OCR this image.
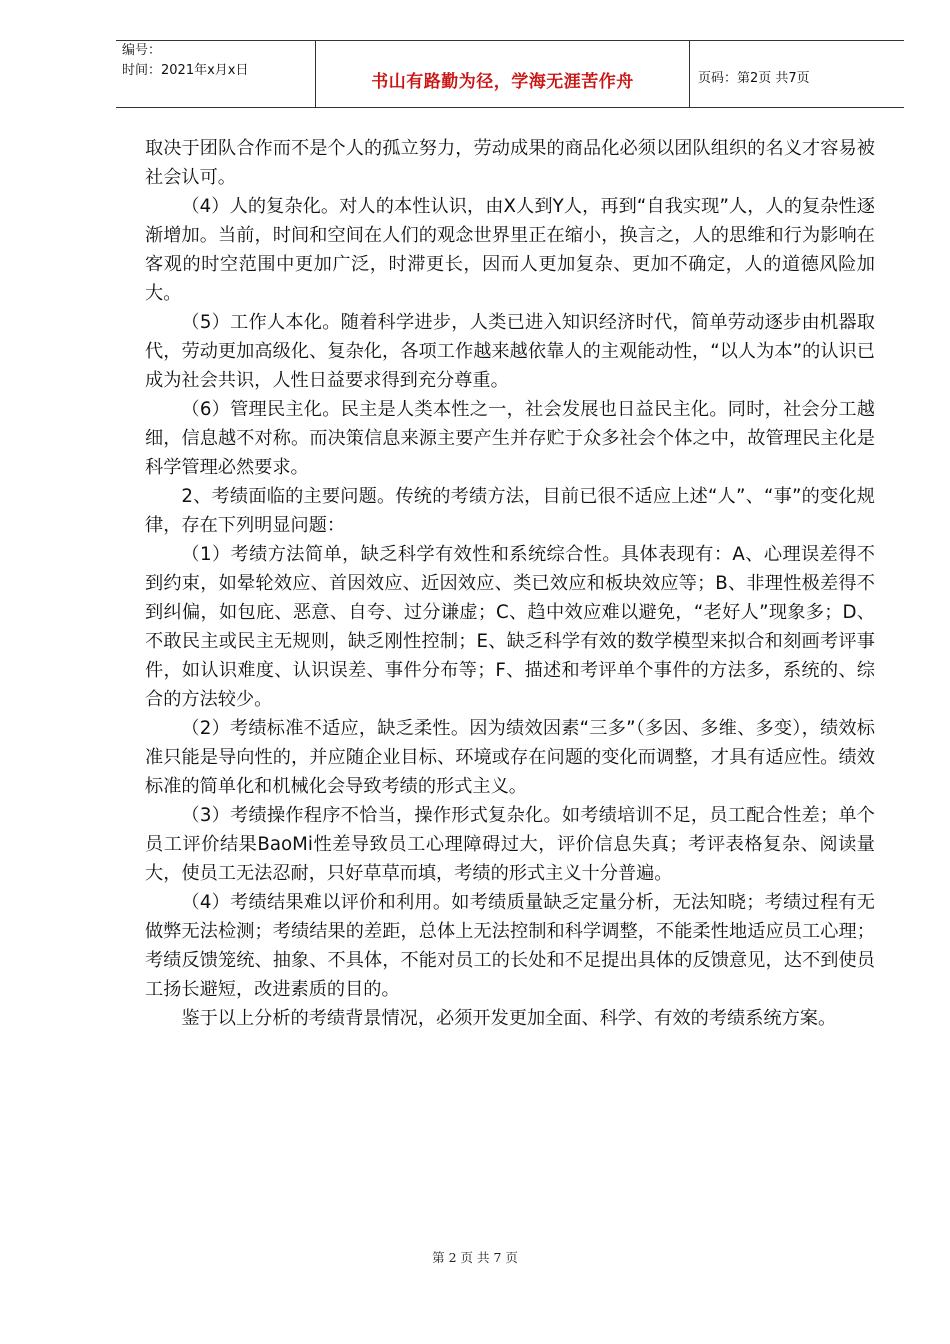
编号：
时间：2021年x月x日
书山有路勤为径，学海无涯苦作舟	页码：第2页 共7页

取决于团队合作而不是个人的孤立努力，劳动成果的商品化必须以团队组织的名义才容易被社会认可。

（4）人的复杂化。对人的本性认识，由X人到Y人，再到“自我实现”人，人的复杂性逐渐增加。当前，时间和空间在人们的观念世界里正在缩小，换言之，人的思维和行为影响在客观的时空范围中更加广泛，时滞更长，因而人更加复杂、更加不确定，人的道德风险加大。

（5）工作人本化。随着科学进步，人类已进入知识经济时代，简单劳动逐步由机器取代，劳动更加高级化、复杂化，各项工作越来越依靠人的主观能动性，“以人为本”的认识已成为社会共识，人性日益要求得到充分尊重。

（6）管理民主化。民主是人类本性之一，社会发展也日益民主化。同时，社会分工越细，信息越不对称。而决策信息来源主要产生并存贮于众多社会个体之中，故管理民主化是科学管理必然要求。

2、考绩面临的主要问题。传统的考绩方法，目前已很不适应上述“人”、“事”的变化规律，存在下列明显问题：

（1）考绩方法简单，缺乏科学有效性和系统综合性。具体表现有：A、心理误差得不到约束，如晕轮效应、首因效应、近因效应、类已效应和板块效应等；B、非理性极差得不到纠偏，如包庇、恶意、自夸、过分谦虚；C、趋中效应难以避免，“老好人”现象多；D、不敢民主或民主无规则，缺乏刚性控制；E、缺乏科学有效的数学模型来拟合和刻画考评事件，如认识难度、认识误差、事件分布等；F、描述和考评单个事件的方法多，系统的、综合的方法较少。

（2）考绩标准不适应，缺乏柔性。因为绩效因素“三多”（多因、多维、多变），绩效标准只能是导向性的，并应随企业目标、环境或存在问题的变化而调整，才具有适应性。绩效标准的简单化和机械化会导致考绩的形式主义。

（3）考绩操作程序不恰当，操作形式复杂化。如考绩培训不足，员工配合性差；单个员工评价结果BaoMi性差导致员工心理障碍过大，评价信息失真；考评表格复杂、阅读量大，使员工无法忍耐，只好草草而填，考绩的形式主义十分普遍。

（4）考绩结果难以评价和利用。如考绩质量缺乏定量分析，无法知晓；考绩过程有无做弊无法检测；考绩结果的差距，总体上无法控制和科学调整，不能柔性地适应员工心理；考绩反馈笼统、抽象、不具体，不能对员工的长处和不足提出具体的反馈意见，达不到使员工扬长避短，改进素质的目的。

鉴于以上分析的考绩背景情况，必须开发更加全面、科学、有效的考绩系统方案。

第 2 页 共 7 页
